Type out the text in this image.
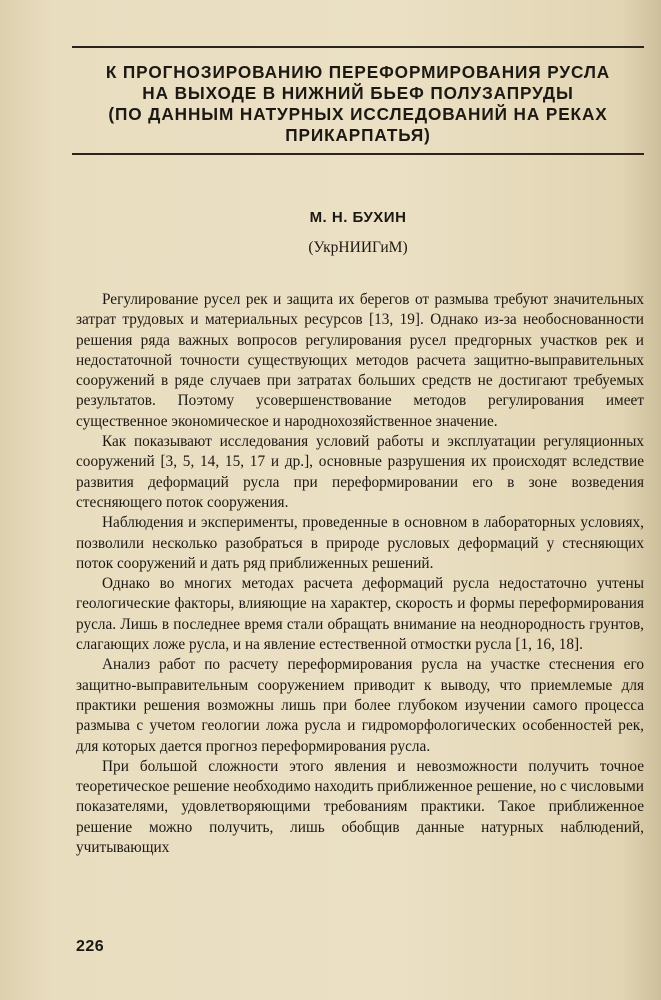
К ПРОГНОЗИРОВАНИЮ ПЕРЕФОРМИРОВАНИЯ РУСЛА
НА ВЫХОДЕ В НИЖНИЙ БЬЕФ ПОЛУЗАПРУДЫ
(ПО ДАННЫМ НАТУРНЫХ ИССЛЕДОВАНИЙ НА РЕКАХ
ПРИКАРПАТЬЯ)
М. Н. БУХИН
(УкрНИИГиМ)

Регулирование русел рек и защита их берегов от размыва требуют значительных затрат трудовых и материальных ресурсов [13, 19]. Однако из-за необоснованности решения ряда важных вопросов регулирования русел предгорных участков рек и недостаточной точности существующих методов расчета защитно-выправительных сооружений в ряде случаев при затратах больших средств не достигают требуемых результатов. Поэтому усовершенствование методов регулирования имеет существенное экономическое и народнохозяйственное значение.

Как показывают исследования условий работы и эксплуатации регуляционных сооружений [3, 5, 14, 15, 17 и др.], основные разрушения их происходят вследствие развития деформаций русла при переформировании его в зоне возведения стесняющего поток сооружения.

Наблюдения и эксперименты, проведенные в основном в лабораторных условиях, позволили несколько разобраться в природе русловых деформаций у стесняющих поток сооружений и дать ряд приближенных решений.

Однако во многих методах расчета деформаций русла недостаточно учтены геологические факторы, влияющие на характер, скорость и формы переформирования русла. Лишь в последнее время стали обращать внимание на неоднородность грунтов, слагающих ложе русла, и на явление естественной отмостки русла [1, 16, 18].

Анализ работ по расчету переформирования русла на участке стеснения его защитно-выправительным сооружением приводит к выводу, что приемлемые для практики решения возможны лишь при более глубоком изучении самого процесса размыва с учетом геологии ложа русла и гидроморфологических особенностей рек, для которых дается прогноз переформирования русла.

При большой сложности этого явления и невозможности получить точное теоретическое решение необходимо находить приближенное решение, но с числовыми показателями, удовлетворяющими требованиям практики. Такое приближенное решение можно получить, лишь обобщив данные натурных наблюдений, учитывающих

226
